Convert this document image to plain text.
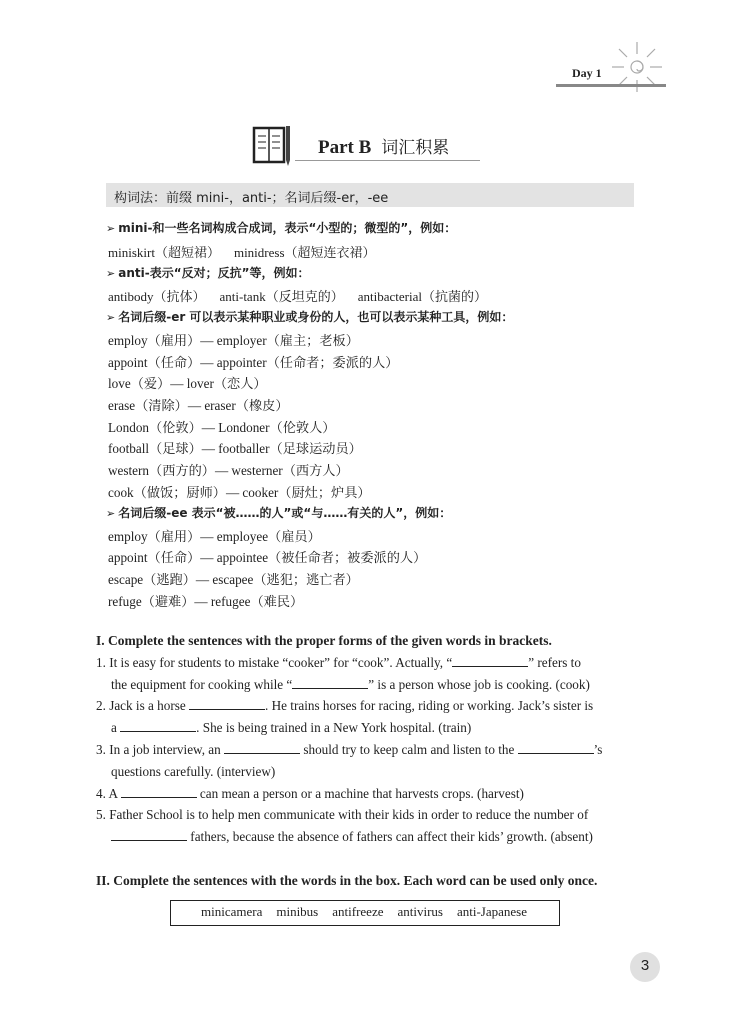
Day 1
Part B 词汇积累
构词法：前缀 mini-，anti-；名词后缀-er，-ee
➢ mini-和一些名词构成合成词，表示“小型的；微型的”，例如：
miniskirt（超短裙） minidress（超短连衣裙）
➢ anti-表示“反对；反抗”等，例如：
antibody（抗体） anti-tank（反坦克的） antibacterial（抗菌的）
➢ 名词后缀-er 可以表示某种职业或身份的人，也可以表示某种工具，例如：
employ（雇用）— employer（雇主；老板）
appoint（任命）— appointer（任命者；委派的人）
love（爱）— lover（恋人）
erase（清除）— eraser（橡皮）
London（伦敦）— Londoner（伦敦人）
football（足球）— footballer（足球运动员）
western（西方的）— westerner（西方人）
cook（做饭；厨师）— cooker（厨灶；炉具）
➢ 名词后缀-ee 表示“被……的人”或“与……有关的人”，例如：
employ（雇用）— employee（雇员）
appoint（任命）— appointee（被任命者；被委派的人）
escape（逃跑）— escapee（逃犯；逃亡者）
refuge（避难）— refugee（难民）
I. Complete the sentences with the proper forms of the given words in brackets.
1. It is easy for students to mistake “cooker” for “cook”. Actually, “	” refers to
the equipment for cooking while “	” is a person whose job is cooking. (cook)
2. Jack is a horse	. He trains horses for racing, riding or working. Jack’s sister is
a	. She is being trained in a New York hospital. (train)
3. In a job interview, an	should try to keep calm and listen to the	’s
questions carefully. (interview)
4. A	can mean a person or a machine that harvests crops. (harvest)
5. Father School is to help men communicate with their kids in order to reduce the number of
fathers, because the absence of fathers can affect their kids’ growth. (absent)
II. Complete the sentences with the words in the box. Each word can be used only once.
minicamera minibus antifreeze antivirus anti-Japanese
3
